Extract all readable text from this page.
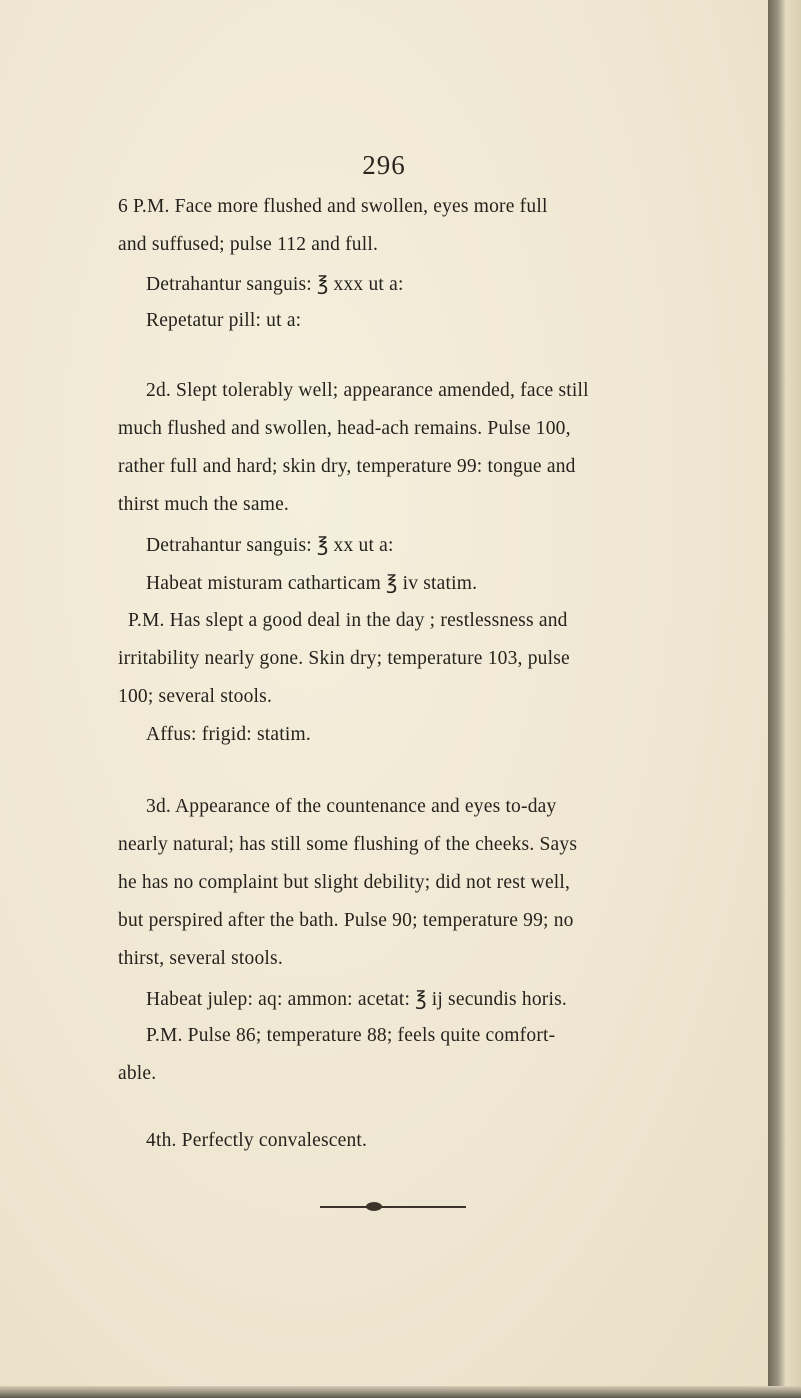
296
6 P.M. Face more flushed and swollen, eyes more full
and suffused; pulse 112 and full.
Detrahantur sanguis: ℥ xxx ut a:
Repetatur pill: ut a:
2d. Slept tolerably well; appearance amended, face still
much flushed and swollen, head-ach remains. Pulse 100,
rather full and hard; skin dry, temperature 99: tongue and
thirst much the same.
Detrahantur sanguis: ℥ xx ut a:
Habeat misturam catharticam ℥ iv statim.
P.M. Has slept a good deal in the day ; restlessness and
irritability nearly gone. Skin dry; temperature 103, pulse
100; several stools.
Affus: frigid: statim.
3d. Appearance of the countenance and eyes to-day
nearly natural; has still some flushing of the cheeks. Says
he has no complaint but slight debility; did not rest well,
but perspired after the bath. Pulse 90; temperature 99; no
thirst, several stools.
Habeat julep: aq: ammon: acetat: ℥ ij secundis horis.
P.M. Pulse 86; temperature 88; feels quite comfort-
able.
4th. Perfectly convalescent.
